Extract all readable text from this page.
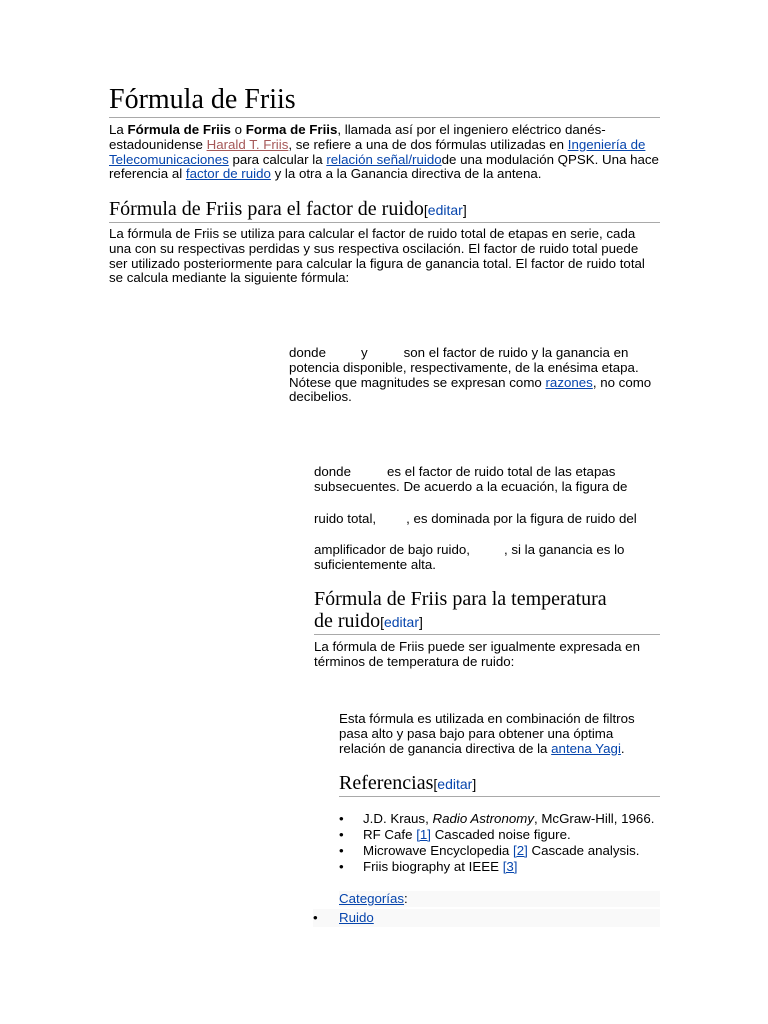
Fórmula de Friis

La Fórmula de Friis o Forma de Friis, llamada así por el ingeniero eléctrico danés-estadounidense Harald T. Friis, se refiere a una de dos fórmulas utilizadas en Ingeniería de Telecomunicaciones para calcular la relación señal/ruidode una modulación QPSK. Una hace referencia al factor de ruido y la otra a la Ganancia directiva de la antena.

Fórmula de Friis para el factor de ruido[editar]

La fórmula de Friis se utiliza para calcular el factor de ruido total de etapas en serie, cada una con su respectivas perdidas y sus respectiva oscilación. El factor de ruido total puede ser utilizado posteriormente para calcular la figura de ganancia total. El factor de ruido total se calcula mediante la siguiente fórmula:

donde	y	son el factor de ruido y la ganancia en potencia disponible, respectivamente, de la enésima etapa. Nótese que magnitudes se expresan como razones, no como decibelios.

donde	es el factor de ruido total de las etapas subsecuentes. De acuerdo a la ecuación, la figura de

ruido total, , es dominada por la figura de ruido del

amplificador de bajo ruido,	, si la ganancia es lo suficientemente alta.

Fórmula de Friis para la temperatura
de ruido[editar]

La fórmula de Friis puede ser igualmente expresada en términos de temperatura de ruido:

Esta fórmula es utilizada en combinación de filtros pasa alto y pasa bajo para obtener una óptima relación de ganancia directiva de la antena Yagi.

Referencias[editar]
• J.D. Kraus, Radio Astronomy, McGraw-Hill, 1966.
• RF Cafe [1] Cascaded noise figure.
• Microwave Encyclopedia [2] Cascade analysis.
• Friis biography at IEEE [3]
Categorías:
• Ruido
